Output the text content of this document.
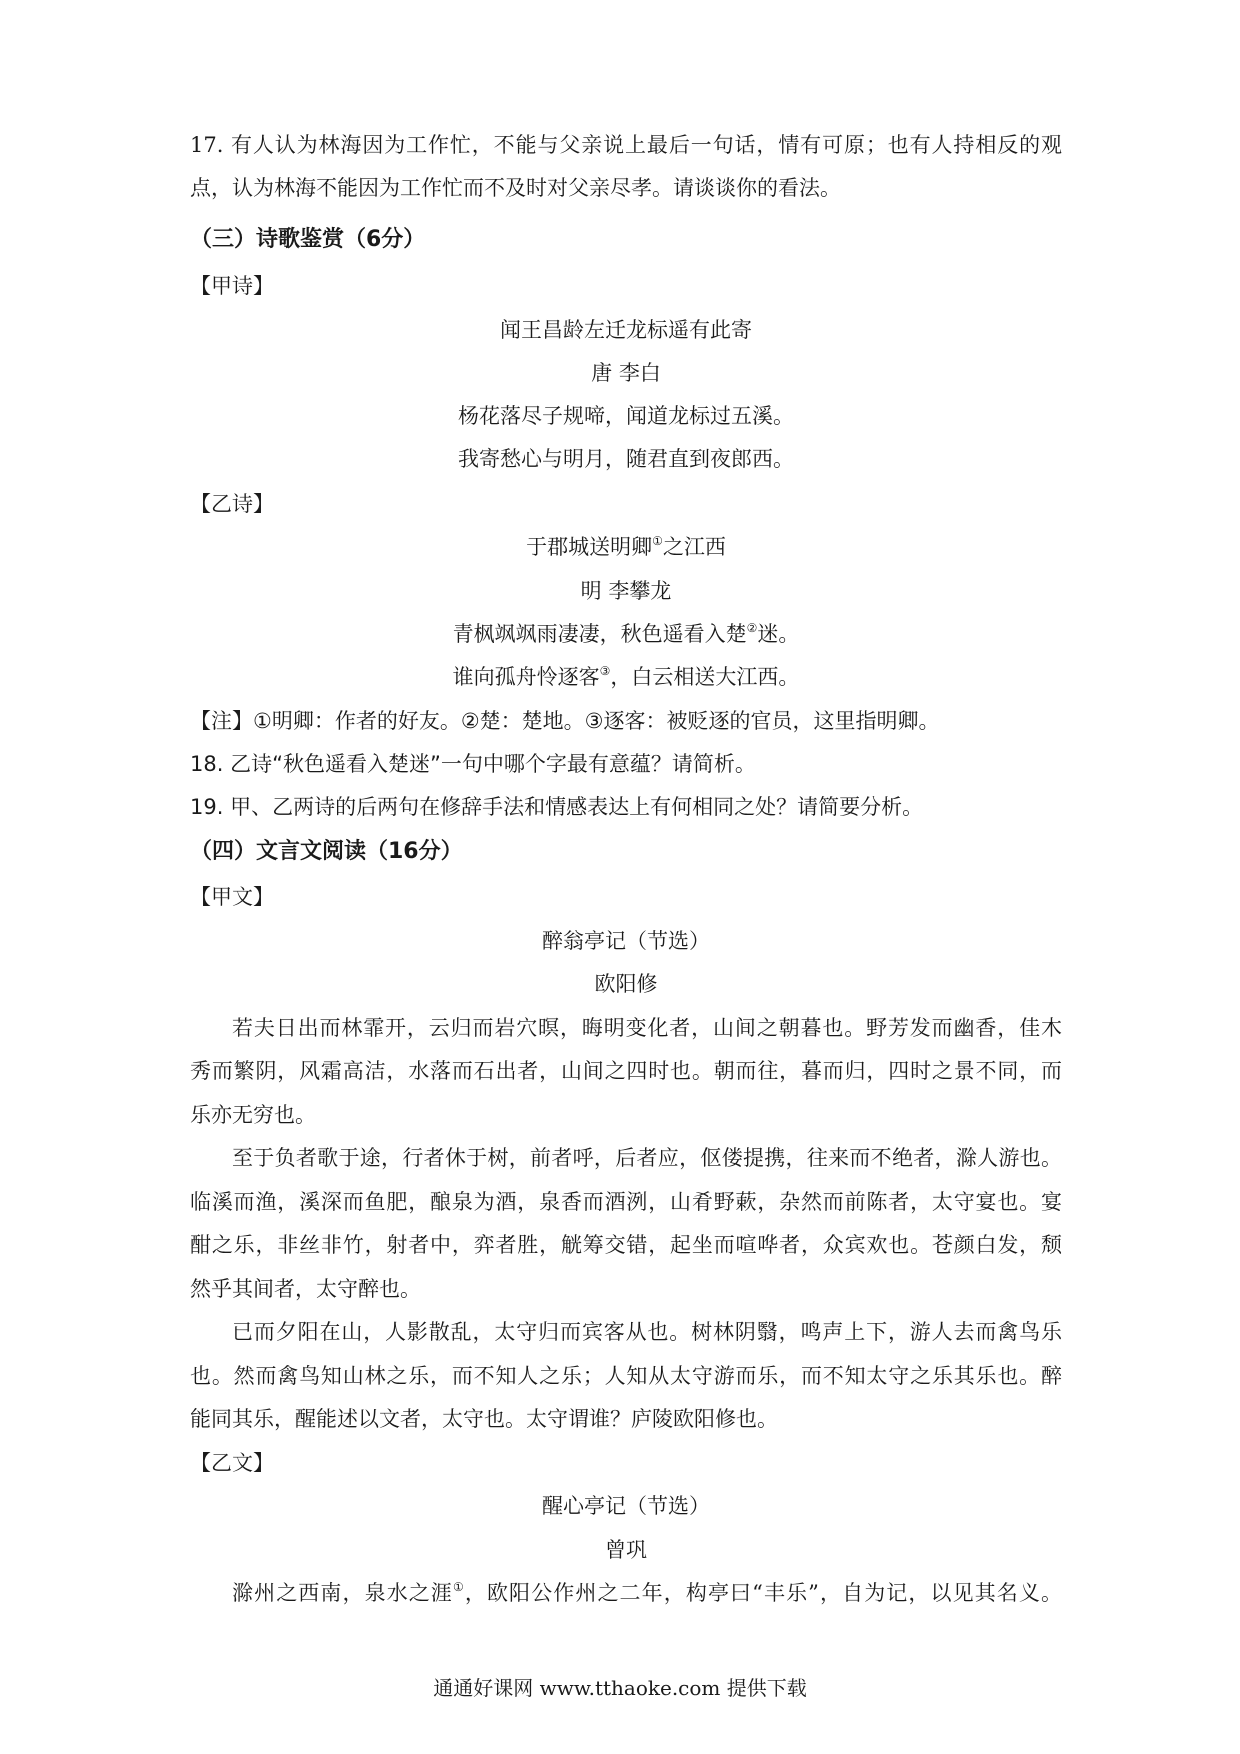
17. 有人认为林海因为工作忙，不能与父亲说上最后一句话，情有可原；也有人持相反的观
点，认为林海不能因为工作忙而不及时对父亲尽孝。请谈谈你的看法。
（三）诗歌鉴赏（6分）
【甲诗】
闻王昌龄左迁龙标遥有此寄
唐 李白
杨花落尽子规啼，闻道龙标过五溪。
我寄愁心与明月，随君直到夜郎西。
【乙诗】
于郡城送明卿①之江西
明 李攀龙
青枫飒飒雨凄凄，秋色遥看入楚②迷。
谁向孤舟怜逐客③，白云相送大江西。
【注】①明卿：作者的好友。②楚：楚地。③逐客：被贬逐的官员，这里指明卿。
18. 乙诗“秋色遥看入楚迷”一句中哪个字最有意蕴？请简析。
19. 甲、乙两诗的后两句在修辞手法和情感表达上有何相同之处？请简要分析。
（四）文言文阅读（16分）
【甲文】
醉翁亭记（节选）
欧阳修
若夫日出而林霏开，云归而岩穴暝，晦明变化者，山间之朝暮也。野芳发而幽香，佳木
秀而繁阴，风霜高洁，水落而石出者，山间之四时也。朝而往，暮而归，四时之景不同，而
乐亦无穷也。
至于负者歌于途，行者休于树，前者呼，后者应，伛偻提携，往来而不绝者，滁人游也。
临溪而渔，溪深而鱼肥，酿泉为酒，泉香而酒洌，山肴野蔌，杂然而前陈者，太守宴也。宴
酣之乐，非丝非竹，射者中，弈者胜，觥筹交错，起坐而喧哗者，众宾欢也。苍颜白发，颓
然乎其间者，太守醉也。
已而夕阳在山，人影散乱，太守归而宾客从也。树林阴翳，鸣声上下，游人去而禽鸟乐
也。然而禽鸟知山林之乐，而不知人之乐；人知从太守游而乐，而不知太守之乐其乐也。醉
能同其乐，醒能述以文者，太守也。太守谓谁？庐陵欧阳修也。
【乙文】
醒心亭记（节选）
曾巩
滁州之西南，泉水之涯①，欧阳公作州之二年，构亭曰“丰乐”，自为记，以见其名义。
通通好课网 www.tthaoke.com 提供下载
